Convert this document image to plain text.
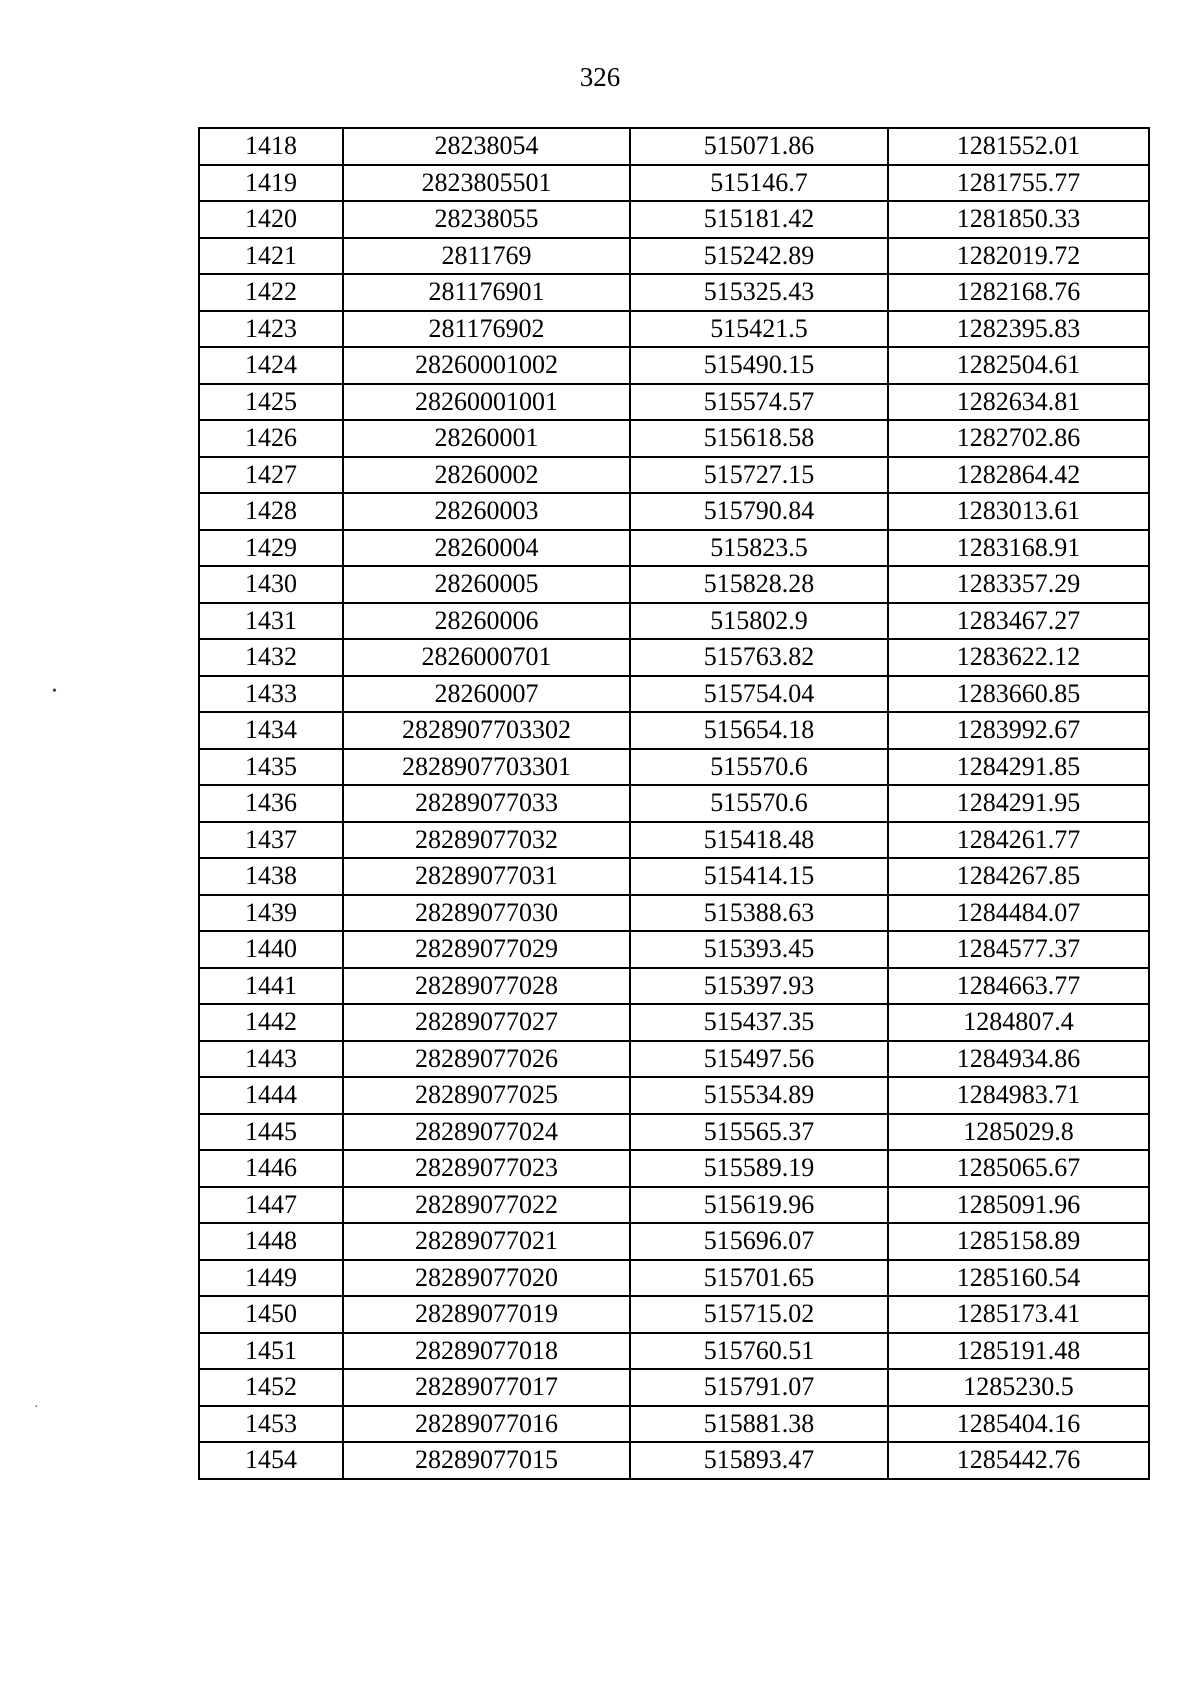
326
1418	28238054	515071.86	1281552.01
1419	2823805501	515146.7	1281755.77
1420	28238055	515181.42	1281850.33
1421	2811769	515242.89	1282019.72
1422	281176901	515325.43	1282168.76
1423	281176902	515421.5	1282395.83
1424	28260001002	515490.15	1282504.61
1425	28260001001	515574.57	1282634.81
1426	28260001	515618.58	1282702.86
1427	28260002	515727.15	1282864.42
1428	28260003	515790.84	1283013.61
1429	28260004	515823.5	1283168.91
1430	28260005	515828.28	1283357.29
1431	28260006	515802.9	1283467.27
1432	2826000701	515763.82	1283622.12
1433	28260007	515754.04	1283660.85
1434	2828907703302	515654.18	1283992.67
1435	2828907703301	515570.6	1284291.85
1436	28289077033	515570.6	1284291.95
1437	28289077032	515418.48	1284261.77
1438	28289077031	515414.15	1284267.85
1439	28289077030	515388.63	1284484.07
1440	28289077029	515393.45	1284577.37
1441	28289077028	515397.93	1284663.77
1442	28289077027	515437.35	1284807.4
1443	28289077026	515497.56	1284934.86
1444	28289077025	515534.89	1284983.71
1445	28289077024	515565.37	1285029.8
1446	28289077023	515589.19	1285065.67
1447	28289077022	515619.96	1285091.96
1448	28289077021	515696.07	1285158.89
1449	28289077020	515701.65	1285160.54
1450	28289077019	515715.02	1285173.41
1451	28289077018	515760.51	1285191.48
1452	28289077017	515791.07	1285230.5
1453	28289077016	515881.38	1285404.16
1454	28289077015	515893.47	1285442.76
•
·
